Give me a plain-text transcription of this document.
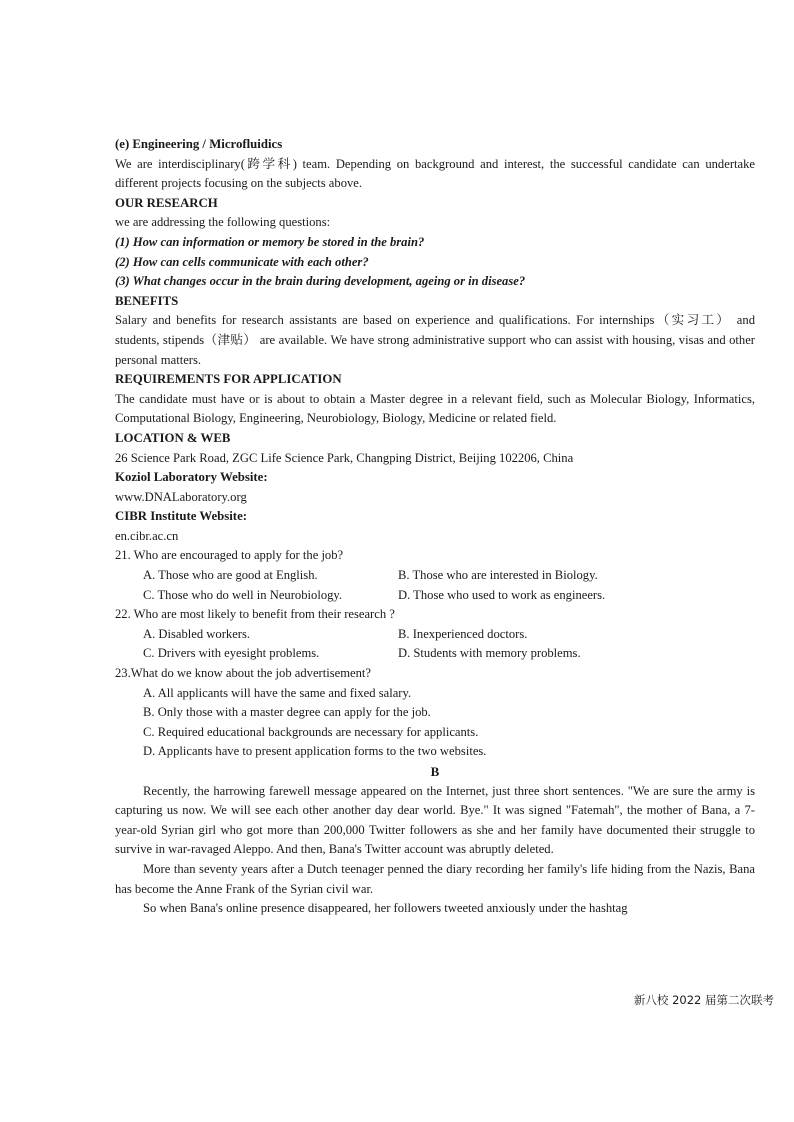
(e) Engineering / Microfluidics
We are interdisciplinary(跨学科) team. Depending on background and interest, the successful candidate can undertake different projects focusing on the subjects above.
OUR RESEARCH
we are addressing the following questions:
(1) How can information or memory be stored in the brain?
(2) How can cells communicate with each other?
(3) What changes occur in the brain during development, ageing or in disease?
BENEFITS
Salary and benefits for research assistants are based on experience and qualifications. For internships（实习工） and students, stipends（津贴） are available. We have strong administrative support who can assist with housing, visas and other personal matters.
REQUIREMENTS FOR APPLICATION
The candidate must have or is about to obtain a Master degree in a relevant field, such as Molecular Biology, Informatics, Computational Biology, Engineering, Neurobiology, Biology, Medicine or related field.
LOCATION & WEB
26 Science Park Road, ZGC Life Science Park, Changping District, Beijing 102206, China
Koziol Laboratory Website:
www.DNALaboratory.org
CIBR Institute Website:
en.cibr.ac.cn
21. Who are encouraged to apply for the job?
A. Those who are good at English.	B. Those who are interested in Biology.
C. Those who do well in Neurobiology.	D. Those who used to work as engineers.
22. Who are most likely to benefit from their research ?
A. Disabled workers.	B. Inexperienced doctors.
C. Drivers with eyesight problems.	D. Students with memory problems.
23.What do we know about the job advertisement?
A. All applicants will have the same and fixed salary.
B. Only those with a master degree can apply for the job.
C. Required educational backgrounds are necessary for applicants.
D. Applicants have to present application forms to the two websites.
B
Recently, the harrowing farewell message appeared on the Internet, just three short sentences. "We are sure the army is capturing us now. We will see each other another day dear world. Bye." It was signed "Fatemah", the mother of Bana, a 7-year-old Syrian girl who got more than 200,000 Twitter followers as she and her family have documented their struggle to survive in war-ravaged Aleppo. And then, Bana's Twitter account was abruptly deleted.
More than seventy years after a Dutch teenager penned the diary recording her family's life hiding from the Nazis, Bana has become the Anne Frank of the Syrian civil war.
So when Bana's online presence disappeared, her followers tweeted anxiously under the hashtag
新八校 2022 届第二次联考
